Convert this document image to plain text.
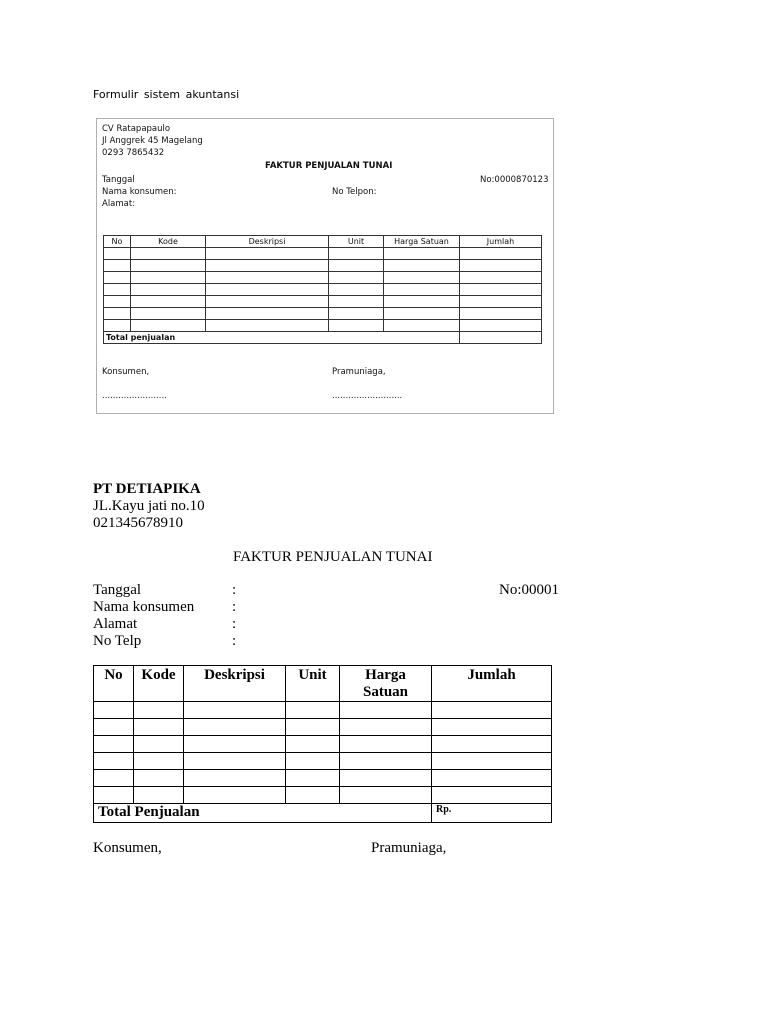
Formulir sistem akuntansi
CV Ratapapaulo
Jl Anggrek 45 Magelang
0293 7865432
FAKTUR PENJUALAN TUNAI
Tanggal	No:0000870123
Nama konsumen:	No Telpon:
Alamat:
No	Kode	Deskripsi	Unit	Harga Satuan	Jumlah

Total penjualan					
Konsumen,	Pramuniaga,
........................	..........................
PT DETIAPIKA
JL.Kayu jati no.10
021345678910
FAKTUR PENJUALAN TUNAI
Tanggal	:	No:00001
Nama konsumen	:
Alamat	:
No Telp	:
No	Kode	Deskripsi	Unit	Harga Satuan	Jumlah

Total Penjualan					Rp.
Konsumen,	Pramuniaga,
